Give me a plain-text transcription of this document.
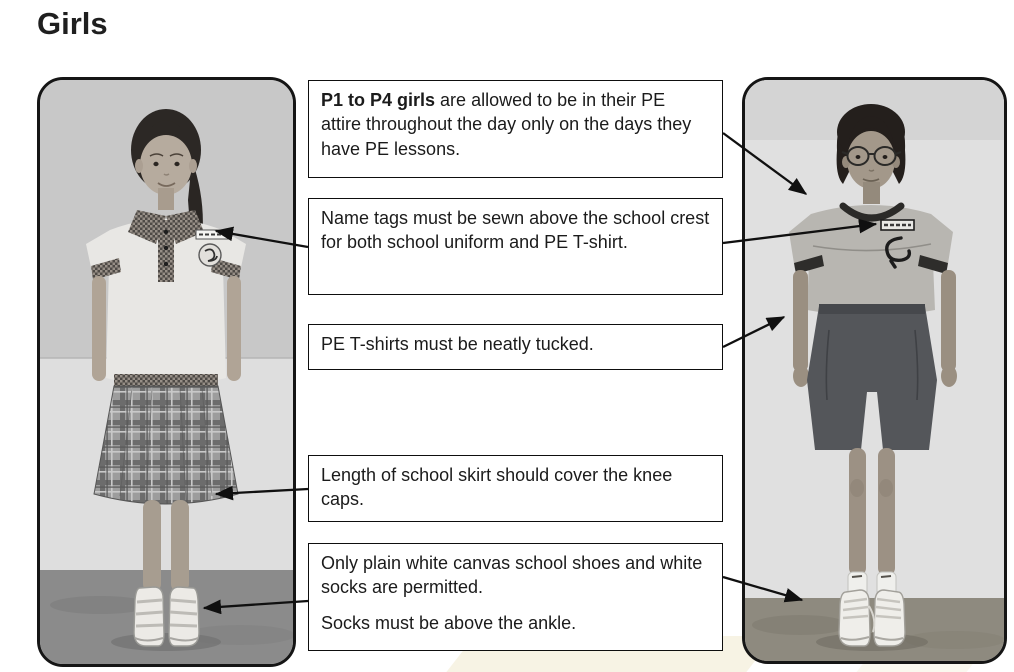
Girls

P1 to P4 girls are allowed to be in their PE attire throughout the day only on the days they have PE lessons.

Name tags must be sewn above the school crest for both school uniform and PE T-shirt.

PE T-shirts must be neatly tucked.

Length of school skirt should cover the knee caps.

Only plain white canvas school shoes and white socks are permitted.

Socks must be above the ankle.
